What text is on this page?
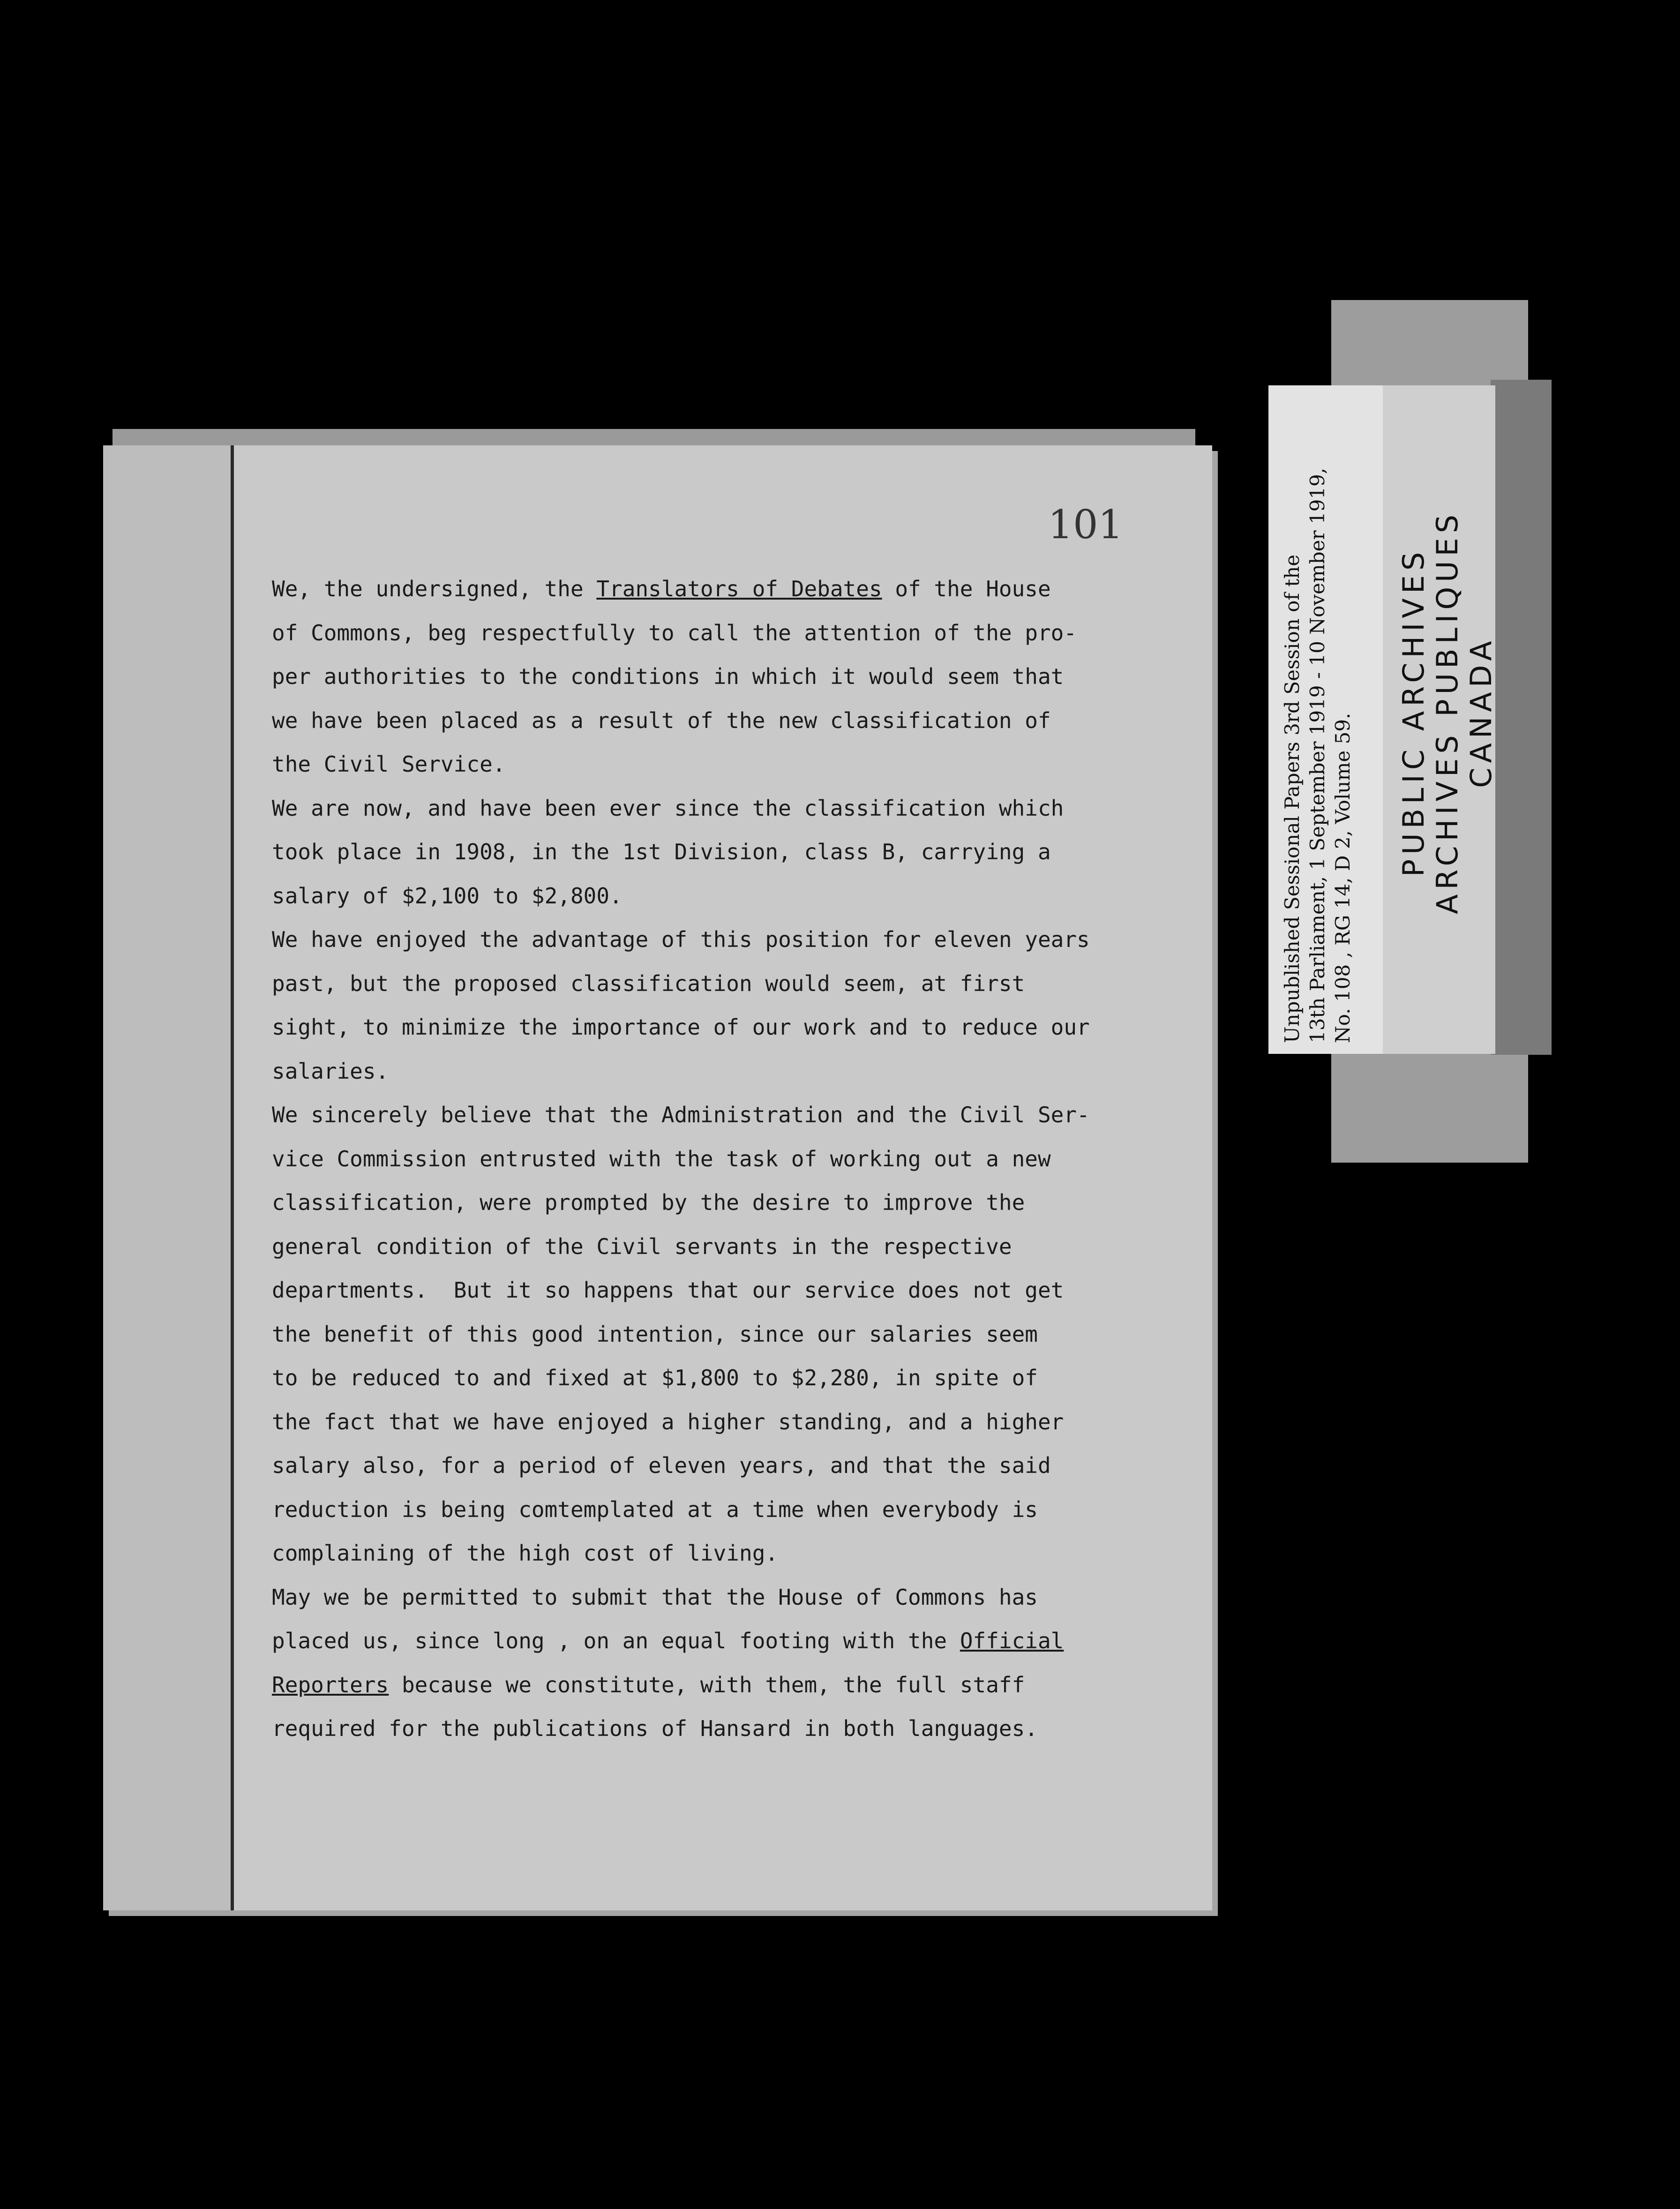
101

We, the undersigned, the Translators of Debates of the House

of Commons, beg respectfully to call the attention of the pro-

per authorities to the conditions in which it would seem that

we have been placed as a result of the new classification of

the Civil Service.

We are now, and have been ever since the classification which

took place in 1908, in the 1st Division, class B, carrying a

salary of $2,100 to $2,800.

We have enjoyed the advantage of this position for eleven years

past, but the proposed classification would seem, at first

sight, to minimize the importance of our work and to reduce our

salaries.

We sincerely believe that the Administration and the Civil Ser-

vice Commission entrusted with the task of working out a new

classification, were prompted by the desire to improve the

general condition of the Civil servants in the respective

departments.  But it so happens that our service does not get

the benefit of this good intention, since our salaries seem

to be reduced to and fixed at $1,800 to $2,280, in spite of

the fact that we have enjoyed a higher standing, and a higher

salary also, for a period of eleven years, and that the said

reduction is being comtemplated at a time when everybody is

complaining of the high cost of living.

May we be permitted to submit that the House of Commons has

placed us, since long , on an equal footing with the Official

Reporters because we constitute, with them, the full staff

required for the publications of Hansard in both languages.

Unpublished Sessional Papers 3rd Session of the 13th Parliament, 1 September 1919 - 10 November 1919, No. 108 , RG 14, D 2, Volume 59.
PUBLIC ARCHIVES ARCHIVES PUBLIQUES CANADA
